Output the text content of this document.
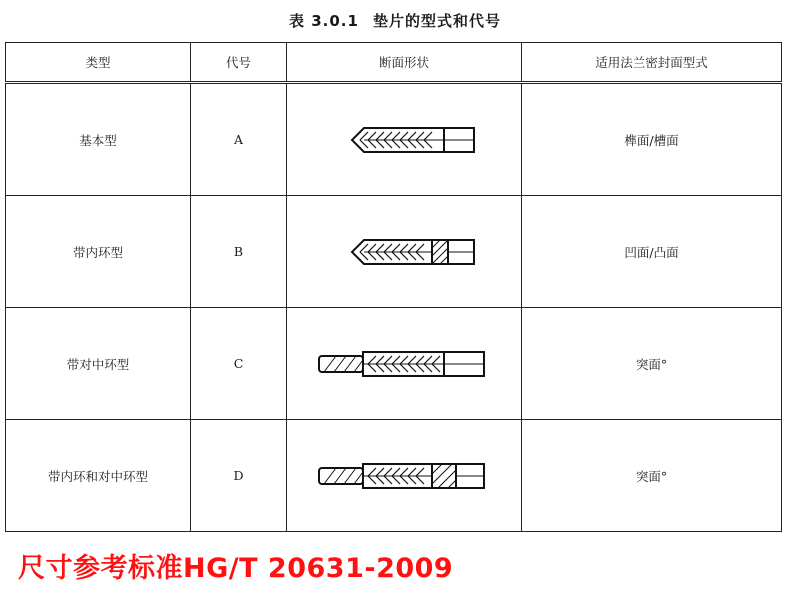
表 3.0.1 垫片的型式和代号
类型	代号	断面形状	适用法兰密封面型式
基本型	A		榫面/槽面
带内环型	B		凹面/凸面
带对中环型	C		突面°
带内环和对中环型	D		突面°
尺寸参考标准HG/T 20631-2009
